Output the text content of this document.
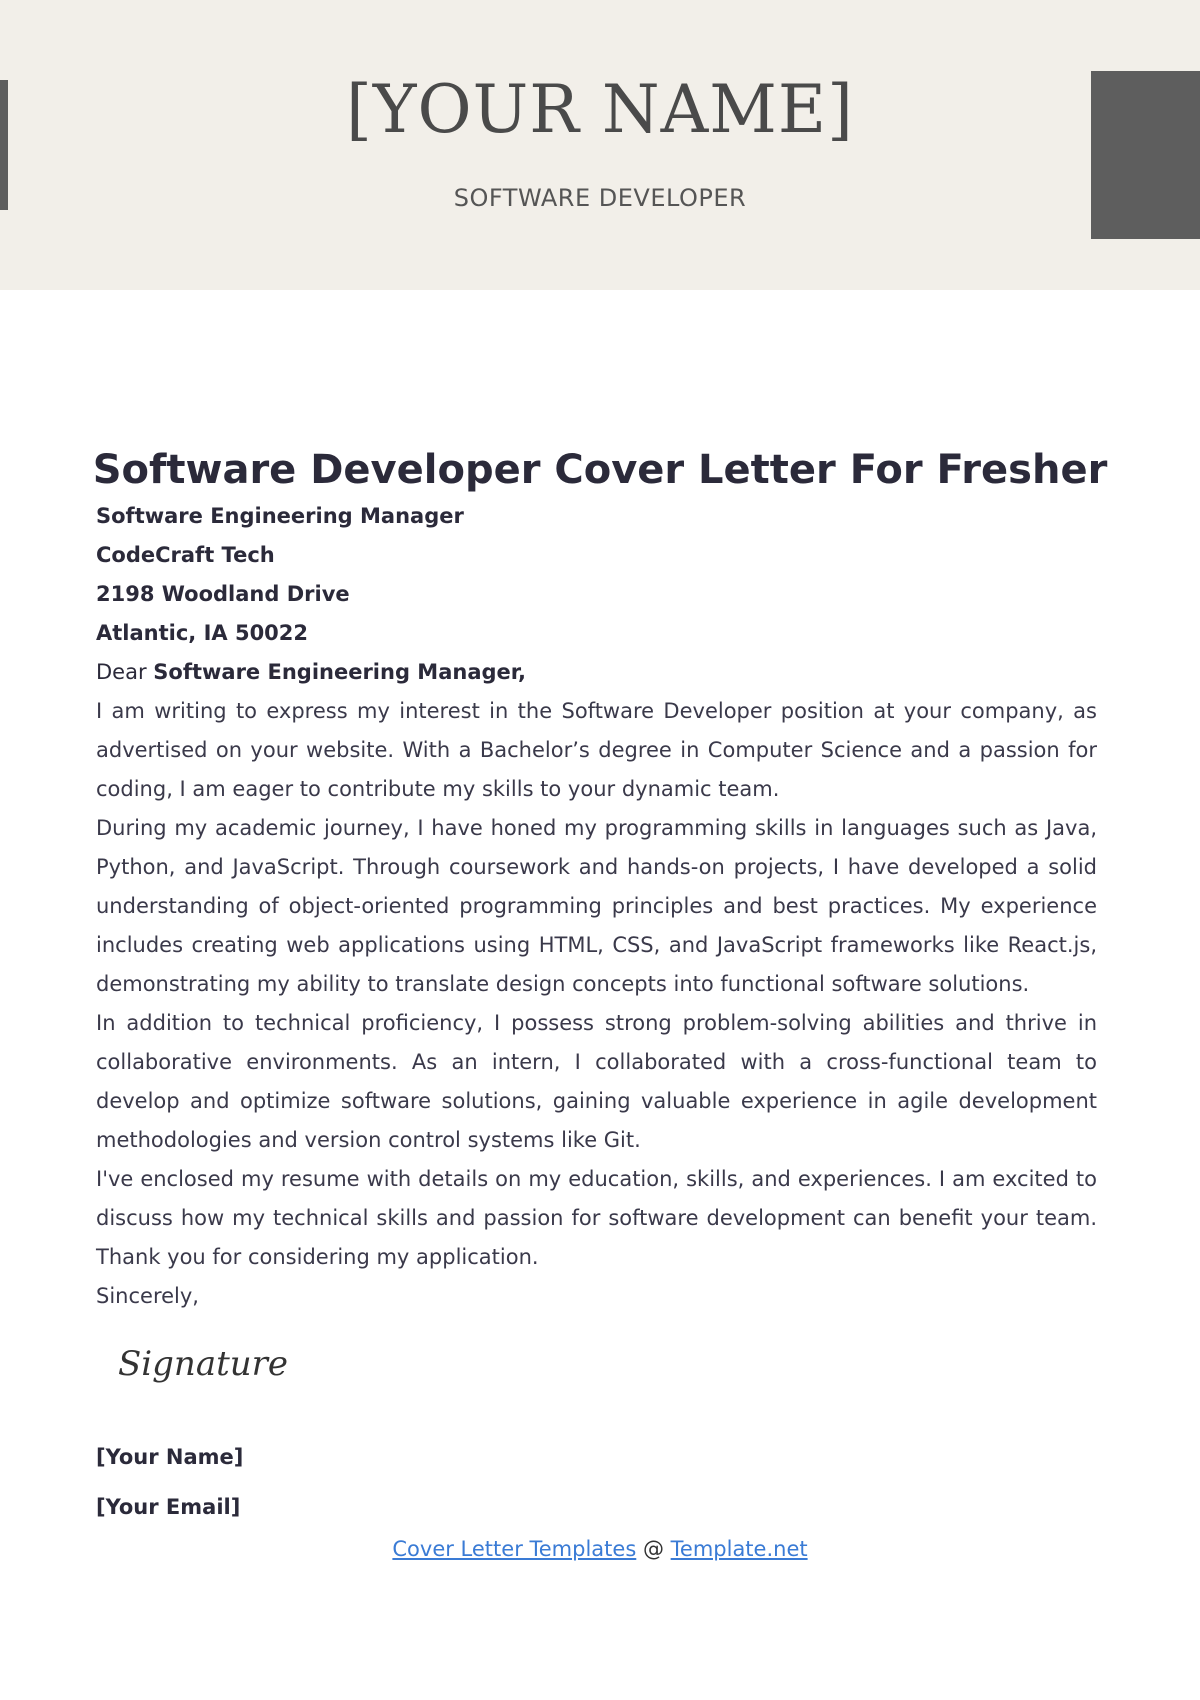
[YOUR NAME]
SOFTWARE DEVELOPER
Software Developer Cover Letter For Fresher
Software Engineering Manager
CodeCraft Tech
2198 Woodland Drive
Atlantic, IA 50022
Dear Software Engineering Manager,

I am writing to express my interest in the Software Developer position at your company, as advertised on your website. With a Bachelor’s degree in Computer Science and a passion for coding, I am eager to contribute my skills to your dynamic team.

During my academic journey, I have honed my programming skills in languages such as Java, Python, and JavaScript. Through coursework and hands-on projects, I have developed a solid understanding of object-oriented programming principles and best practices. My experience includes creating web applications using HTML, CSS, and JavaScript frameworks like React.js, demonstrating my ability to translate design concepts into functional software solutions.

In addition to technical proficiency, I possess strong problem-solving abilities and thrive in collaborative environments. As an intern, I collaborated with a cross-functional team to develop and optimize software solutions, gaining valuable experience in agile development methodologies and version control systems like Git.

I've enclosed my resume with details on my education, skills, and experiences. I am excited to discuss how my technical skills and passion for software development can benefit your team. Thank you for considering my application.

Sincerely,
Signature
[Your Name]
[Your Email]
Cover Letter Templates @ Template.net
